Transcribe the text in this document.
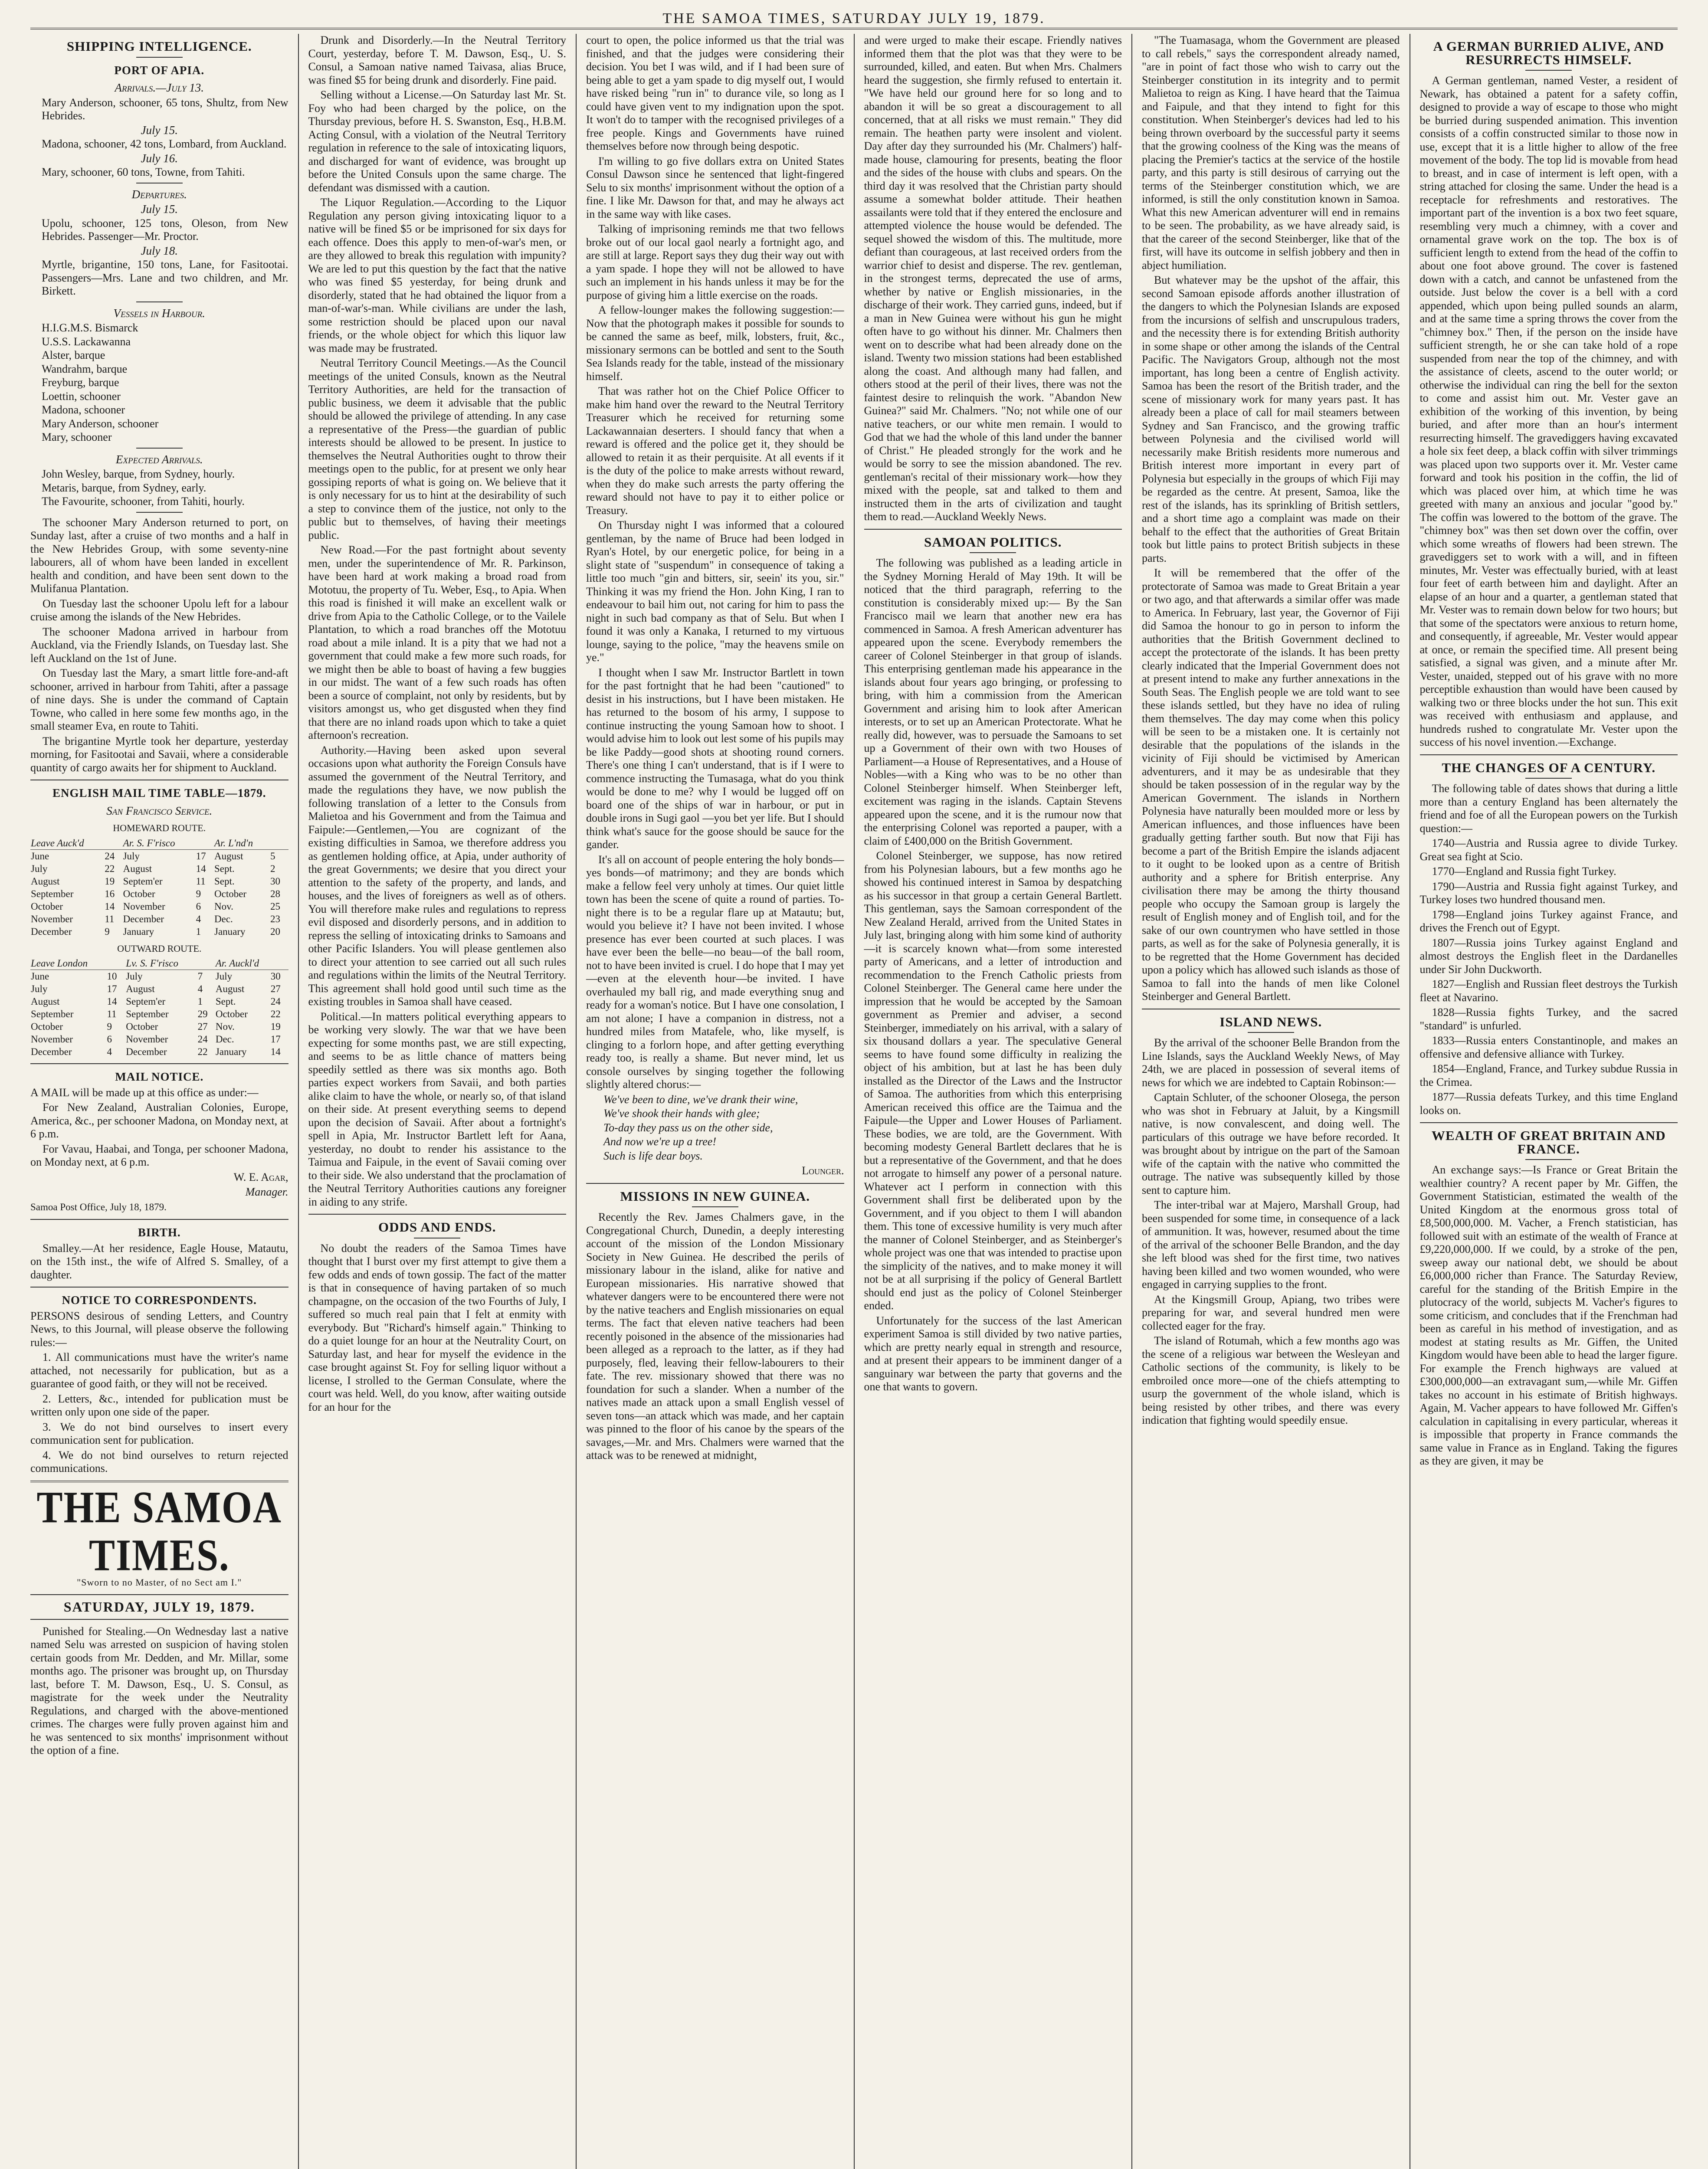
THE SAMOA TIMES, SATURDAY JULY 19, 1879.
SHIPPING INTELLIGENCE.
PORT OF APIA.
Arrivals.—July 13.

Mary Anderson, schooner, 65 tons, Shultz, from New Hebrides.

July 15.

Madona, schooner, 42 tons, Lombard, from Auckland.

July 16.

Mary, schooner, 60 tons, Towne, from Tahiti.

Departures.
July 15.

Upolu, schooner, 125 tons, Oleson, from New Hebrides. Passenger—Mr. Proctor.

July 18.

Myrtle, brigantine, 150 tons, Lane, for Fasitootai. Passengers—Mrs. Lane and two children, and Mr. Birkett.

Vessels in Harbour.

H.I.G.M.S. Bismarck

U.S.S. Lackawanna

Alster, barque

Wandrahm, barque

Freyburg, barque

Loettin, schooner

Madona, schooner

Mary Anderson, schooner

Mary, schooner

Expected Arrivals.

John Wesley, barque, from Sydney, hourly.

Metaris, barque, from Sydney, early.

The Favourite, schooner, from Tahiti, hourly.

The schooner Mary Anderson returned to port, on Sunday last, after a cruise of two months and a half in the New Hebrides Group, with some seventy-nine labourers, all of whom have been landed in excellent health and condition, and have been sent down to the Mulifanua Plantation.

On Tuesday last the schooner Upolu left for a labour cruise among the islands of the New Hebrides.

The schooner Madona arrived in harbour from Auckland, via the Friendly Islands, on Tuesday last. She left Auckland on the 1st of June.

On Tuesday last the Mary, a smart little fore-and-aft schooner, arrived in harbour from Tahiti, after a passage of nine days. She is under the command of Captain Towne, who called in here some few months ago, in the small steamer Eva, en route to Tahiti.

The brigantine Myrtle took her departure, yesterday morning, for Fasitootai and Savaii, where a considerable quantity of cargo awaits her for shipment to Auckland.

ENGLISH MAIL TIME TABLE—1879.
San Francisco Service.
HOMEWARD ROUTE.
Leave Auck'd		Ar. S. F'risco		Ar. L'nd'n	
June	24	July	17	August	5
July	22	August	14	Sept.	2
August	19	Septem'er	11	Sept.	30
September	16	October	9	October	28
October	14	November	6	Nov.	25
November	11	December	4	Dec.	23
December	9	January	1	January	20
OUTWARD ROUTE.
Leave London		Lv. S. F'risco		Ar. Auckl'd	
June	10	July	7	July	30
July	17	August	4	August	27
August	14	Septem'er	1	Sept.	24
September	11	September	29	October	22
October	9	October	27	Nov.	19
November	6	November	24	Dec.	17
December	4	December	22	January	14
MAIL NOTICE.

A MAIL will be made up at this office as under:—

For New Zealand, Australian Colonies, Europe, America, &c., per schooner Madona, on Monday next, at 6 p.m.

For Vavau, Haabai, and Tonga, per schooner Madona, on Monday next, at 6 p.m.

W. E. Agar,

Manager.

Samoa Post Office, July 18, 1879.

BIRTH.

Smalley.—At her residence, Eagle House, Matautu, on the 15th inst., the wife of Alfred S. Smalley, of a daughter.

NOTICE TO CORRESPONDENTS.

PERSONS desirous of sending Letters, and Country News, to this Journal, will please observe the following rules:—

1. All communications must have the writer's name attached, not necessarily for publication, but as a guarantee of good faith, or they will not be received.

2. Letters, &c., intended for publication must be written only upon one side of the paper.

3. We do not bind ourselves to insert every communication sent for publication.

4. We do not bind ourselves to return rejected communications.

THE SAMOA TIMES.
"Sworn to no Master, of no Sect am I."
SATURDAY, JULY 19, 1879.

Punished for Stealing.—On Wednesday last a native named Selu was arrested on suspicion of having stolen certain goods from Mr. Dedden, and Mr. Millar, some months ago. The prisoner was brought up, on Thursday last, before T. M. Dawson, Esq., U. S. Consul, as magistrate for the week under the Neutrality Regulations, and charged with the above-mentioned crimes. The charges were fully proven against him and he was sentenced to six months' imprisonment without the option of a fine.

Drunk and Disorderly.—In the Neutral Territory Court, yesterday, before T. M. Dawson, Esq., U. S. Consul, a Samoan native named Taivasa, alias Bruce, was fined $5 for being drunk and disorderly. Fine paid.

Selling without a License.—On Saturday last Mr. St. Foy who had been charged by the police, on the Thursday previous, before H. S. Swanston, Esq., H.B.M. Acting Consul, with a violation of the Neutral Territory regulation in reference to the sale of intoxicating liquors, and discharged for want of evidence, was brought up before the United Consuls upon the same charge. The defendant was dismissed with a caution.

The Liquor Regulation.—According to the Liquor Regulation any person giving intoxicating liquor to a native will be fined $5 or be imprisoned for six days for each offence. Does this apply to men-of-war's men, or are they allowed to break this regulation with impunity? We are led to put this question by the fact that the native who was fined $5 yesterday, for being drunk and disorderly, stated that he had obtained the liquor from a man-of-war's-man. While civilians are under the lash, some restriction should be placed upon our naval friends, or the whole object for which this liquor law was made may be frustrated.

Neutral Territory Council Meetings.—As the Council meetings of the united Consuls, known as the Neutral Territory Authorities, are held for the transaction of public business, we deem it advisable that the public should be allowed the privilege of attending. In any case a representative of the Press—the guardian of public interests should be allowed to be present. In justice to themselves the Neutral Authorities ought to throw their meetings open to the public, for at present we only hear gossiping reports of what is going on. We believe that it is only necessary for us to hint at the desirability of such a step to convince them of the justice, not only to the public but to themselves, of having their meetings public.

New Road.—For the past fortnight about seventy men, under the superintendence of Mr. R. Parkinson, have been hard at work making a broad road from Mototuu, the property of Tu. Weber, Esq., to Apia. When this road is finished it will make an excellent walk or drive from Apia to the Catholic College, or to the Vailele Plantation, to which a road branches off the Mototuu road about a mile inland. It is a pity that we had not a government that could make a few more such roads, for we might then be able to boast of having a few buggies in our midst. The want of a few such roads has often been a source of complaint, not only by residents, but by visitors amongst us, who get disgusted when they find that there are no inland roads upon which to take a quiet afternoon's recreation.

Authority.—Having been asked upon several occasions upon what authority the Foreign Consuls have assumed the government of the Neutral Territory, and made the regulations they have, we now publish the following translation of a letter to the Consuls from Malietoa and his Government and from the Taimua and Faipule:—Gentlemen,—You are cognizant of the existing difficulties in Samoa, we therefore address you as gentlemen holding office, at Apia, under authority of the great Governments; we desire that you direct your attention to the safety of the property, and lands, and houses, and the lives of foreigners as well as of others. You will therefore make rules and regulations to repress evil disposed and disorderly persons, and in addition to repress the selling of intoxicating drinks to Samoans and other Pacific Islanders. You will please gentlemen also to direct your attention to see carried out all such rules and regulations within the limits of the Neutral Territory. This agreement shall hold good until such time as the existing troubles in Samoa shall have ceased.

Political.—In matters political everything appears to be working very slowly. The war that we have been expecting for some months past, we are still expecting, and seems to be as little chance of matters being speedily settled as there was six months ago. Both parties expect workers from Savaii, and both parties alike claim to have the whole, or nearly so, of that island on their side. At present everything seems to depend upon the decision of Savaii. After about a fortnight's spell in Apia, Mr. Instructor Bartlett left for Aana, yesterday, no doubt to render his assistance to the Taimua and Faipule, in the event of Savaii coming over to their side. We also understand that the proclamation of the Neutral Territory Authorities cautions any foreigner in aiding to any strife.

ODDS AND ENDS.

No doubt the readers of the Samoa Times have thought that I burst over my first attempt to give them a few odds and ends of town gossip. The fact of the matter is that in consequence of having partaken of so much champagne, on the occasion of the two Fourths of July, I suffered so much real pain that I felt at enmity with everybody. But "Richard's himself again." Thinking to do a quiet lounge for an hour at the Neutrality Court, on Saturday last, and hear for myself the evidence in the case brought against St. Foy for selling liquor without a license, I strolled to the German Consulate, where the court was held. Well, do you know, after waiting outside for an hour for the

court to open, the police informed us that the trial was finished, and that the judges were considering their decision. You bet I was wild, and if I had been sure of being able to get a yam spade to dig myself out, I would have risked being "run in" to durance vile, so long as I could have given vent to my indignation upon the spot. It won't do to tamper with the recognised privileges of a free people. Kings and Governments have ruined themselves before now through being despotic.

I'm willing to go five dollars extra on United States Consul Dawson since he sentenced that light-fingered Selu to six months' imprisonment without the option of a fine. I like Mr. Dawson for that, and may he always act in the same way with like cases.

Talking of imprisoning reminds me that two fellows broke out of our local gaol nearly a fortnight ago, and are still at large. Report says they dug their way out with a yam spade. I hope they will not be allowed to have such an implement in his hands unless it may be for the purpose of giving him a little exercise on the roads.

A fellow-lounger makes the following suggestion:—Now that the photograph makes it possible for sounds to be canned the same as beef, milk, lobsters, fruit, &c., missionary sermons can be bottled and sent to the South Sea Islands ready for the table, instead of the missionary himself.

That was rather hot on the Chief Police Officer to make him hand over the reward to the Neutral Territory Treasurer which he received for returning some Lackawannaian deserters. I should fancy that when a reward is offered and the police get it, they should be allowed to retain it as their perquisite. At all events if it is the duty of the police to make arrests without reward, when they do make such arrests the party offering the reward should not have to pay it to either police or Treasury.

On Thursday night I was informed that a coloured gentleman, by the name of Bruce had been lodged in Ryan's Hotel, by our energetic police, for being in a slight state of "suspendum" in consequence of taking a little too much "gin and bitters, sir, seein' its you, sir." Thinking it was my friend the Hon. John King, I ran to endeavour to bail him out, not caring for him to pass the night in such bad company as that of Selu. But when I found it was only a Kanaka, I returned to my virtuous lounge, saying to the police, "may the heavens smile on ye."

I thought when I saw Mr. Instructor Bartlett in town for the past fortnight that he had been "cautioned" to desist in his instructions, but I have been mistaken. He has returned to the bosom of his army, I suppose to continue instructing the young Samoan how to shoot. I would advise him to look out lest some of his pupils may be like Paddy—good shots at shooting round corners. There's one thing I can't understand, that is if I were to commence instructing the Tumasaga, what do you think would be done to me? why I would be lugged off on board one of the ships of war in harbour, or put in double irons in Sugi gaol —you bet yer life. But I should think what's sauce for the goose should be sauce for the gander.

It's all on account of people entering the holy bonds—yes bonds—of matrimony; and they are bonds which make a fellow feel very unholy at times. Our quiet little town has been the scene of quite a round of parties. To-night there is to be a regular flare up at Matautu; but, would you believe it? I have not been invited. I whose presence has ever been courted at such places. I was have ever been the belle—no beau—of the ball room, not to have been invited is cruel. I do hope that I may yet—even at the eleventh hour—be invited. I have overhauled my ball rig, and made everything snug and ready for a woman's notice. But I have one consolation, I am not alone; I have a companion in distress, not a hundred miles from Matafele, who, like myself, is clinging to a forlorn hope, and after getting everything ready too, is really a shame. But never mind, let us console ourselves by singing together the following slightly altered chorus:—

We've been to dine, we've drank their wine,

We've shook their hands with glee;

To-day they pass us on the other side,

And now we're up a tree!

Such is life dear boys.

Lounger.

MISSIONS IN NEW GUINEA.

Recently the Rev. James Chalmers gave, in the Congregational Church, Dunedin, a deeply interesting account of the mission of the London Missionary Society in New Guinea. He described the perils of missionary labour in the island, alike for native and European missionaries. His narrative showed that whatever dangers were to be encountered there were not by the native teachers and English missionaries on equal terms. The fact that eleven native teachers had been recently poisoned in the absence of the missionaries had been alleged as a reproach to the latter, as if they had purposely, fled, leaving their fellow-labourers to their fate. The rev. missionary showed that there was no foundation for such a slander. When a number of the natives made an attack upon a small English vessel of seven tons—an attack which was made, and her captain was pinned to the floor of his canoe by the spears of the savages,—Mr. and Mrs. Chalmers were warned that the attack was to be renewed at midnight,

and were urged to make their escape. Friendly natives informed them that the plot was that they were to be surrounded, killed, and eaten. But when Mrs. Chalmers heard the suggestion, she firmly refused to entertain it. "We have held our ground here for so long and to abandon it will be so great a discouragement to all concerned, that at all risks we must remain." They did remain. The heathen party were insolent and violent. Day after day they surrounded his (Mr. Chalmers') half-made house, clamouring for presents, beating the floor and the sides of the house with clubs and spears. On the third day it was resolved that the Christian party should assume a somewhat bolder attitude. Their heathen assailants were told that if they entered the enclosure and attempted violence the house would be defended. The sequel showed the wisdom of this. The multitude, more defiant than courageous, at last received orders from the warrior chief to desist and disperse. The rev. gentleman, in the strongest terms, deprecated the use of arms, whether by native or English missionaries, in the discharge of their work. They carried guns, indeed, but if a man in New Guinea were without his gun he might often have to go without his dinner. Mr. Chalmers then went on to describe what had been already done on the island. Twenty two mission stations had been established along the coast. And although many had fallen, and others stood at the peril of their lives, there was not the faintest desire to relinquish the work. "Abandon New Guinea?" said Mr. Chalmers. "No; not while one of our native teachers, or our white men remain. I would to God that we had the whole of this land under the banner of Christ." He pleaded strongly for the work and he would be sorry to see the mission abandoned. The rev. gentleman's recital of their missionary work—how they mixed with the people, sat and talked to them and instructed them in the arts of civilization and taught them to read.—Auckland Weekly News.

SAMOAN POLITICS.

The following was published as a leading article in the Sydney Morning Herald of May 19th. It will be noticed that the third paragraph, referring to the constitution is considerably mixed up:— By the San Francisco mail we learn that another new era has commenced in Samoa. A fresh American adventurer has appeared upon the scene. Everybody remembers the career of Colonel Steinberger in that group of islands. This enterprising gentleman made his appearance in the islands about four years ago bringing, or professing to bring, with him a commission from the American Government and arising him to look after American interests, or to set up an American Protectorate. What he really did, however, was to persuade the Samoans to set up a Government of their own with two Houses of Parliament—a House of Representatives, and a House of Nobles—with a King who was to be no other than Colonel Steinberger himself. When Steinberger left, excitement was raging in the islands. Captain Stevens appeared upon the scene, and it is the rumour now that the enterprising Colonel was reported a pauper, with a claim of £400,000 on the British Government.

Colonel Steinberger, we suppose, has now retired from his Polynesian labours, but a few months ago he showed his continued interest in Samoa by despatching as his successor in that group a certain General Bartlett. This gentleman, says the Samoan correspondent of the New Zealand Herald, arrived from the United States in July last, bringing along with him some kind of authority —it is scarcely known what—from some interested party of Americans, and a letter of introduction and recommendation to the French Catholic priests from Colonel Steinberger. The General came here under the impression that he would be accepted by the Samoan government as Premier and adviser, a second Steinberger, immediately on his arrival, with a salary of six thousand dollars a year. The speculative General seems to have found some difficulty in realizing the object of his ambition, but at last he has been duly installed as the Director of the Laws and the Instructor of Samoa. The authorities from which this enterprising American received this office are the Taimua and the Faipule—the Upper and Lower Houses of Parliament. These bodies, we are told, are the Government. With becoming modesty General Bartlett declares that he is but a representative of the Government, and that he does not arrogate to himself any power of a personal nature. Whatever act I perform in connection with this Government shall first be deliberated upon by the Government, and if you object to them I will abandon them. This tone of excessive humility is very much after the manner of Colonel Steinberger, and as Steinberger's whole project was one that was intended to practise upon the simplicity of the natives, and to make money it will not be at all surprising if the policy of General Bartlett should end just as the policy of Colonel Steinberger ended.

Unfortunately for the success of the last American experiment Samoa is still divided by two native parties, which are pretty nearly equal in strength and resource, and at present their appears to be imminent danger of a sanguinary war between the party that governs and the one that wants to govern.

"The Tuamasaga, whom the Government are pleased to call rebels," says the correspondent already named, "are in point of fact those who wish to carry out the Steinberger constitution in its integrity and to permit Malietoa to reign as King. I have heard that the Taimua and Faipule, and that they intend to fight for this constitution. When Steinberger's devices had led to his being thrown overboard by the successful party it seems that the growing coolness of the King was the means of placing the Premier's tactics at the service of the hostile party, and this party is still desirous of carrying out the terms of the Steinberger constitution which, we are informed, is still the only constitution known in Samoa. What this new American adventurer will end in remains to be seen. The probability, as we have already said, is that the career of the second Steinberger, like that of the first, will have its outcome in selfish jobbery and then in abject humiliation.

But whatever may be the upshot of the affair, this second Samoan episode affords another illustration of the dangers to which the Polynesian Islands are exposed from the incursions of selfish and unscrupulous traders, and the necessity there is for extending British authority in some shape or other among the islands of the Central Pacific. The Navigators Group, although not the most important, has long been a centre of English activity. Samoa has been the resort of the British trader, and the scene of missionary work for many years past. It has already been a place of call for mail steamers between Sydney and San Francisco, and the growing traffic between Polynesia and the civilised world will necessarily make British residents more numerous and British interest more important in every part of Polynesia but especially in the groups of which Fiji may be regarded as the centre. At present, Samoa, like the rest of the islands, has its sprinkling of British settlers, and a short time ago a complaint was made on their behalf to the effect that the authorities of Great Britain took but little pains to protect British subjects in these parts.

It will be remembered that the offer of the protectorate of Samoa was made to Great Britain a year or two ago, and that afterwards a similar offer was made to America. In February, last year, the Governor of Fiji did Samoa the honour to go in person to inform the authorities that the British Government declined to accept the protectorate of the islands. It has been pretty clearly indicated that the Imperial Government does not at present intend to make any further annexations in the South Seas. The English people we are told want to see these islands settled, but they have no idea of ruling them themselves. The day may come when this policy will be seen to be a mistaken one. It is certainly not desirable that the populations of the islands in the vicinity of Fiji should be victimised by American adventurers, and it may be as undesirable that they should be taken possession of in the regular way by the American Government. The islands in Northern Polynesia have naturally been moulded more or less by American influences, and those influences have been gradually getting farther south. But now that Fiji has become a part of the British Empire the islands adjacent to it ought to be looked upon as a centre of British authority and a sphere for British enterprise. Any civilisation there may be among the thirty thousand people who occupy the Samoan group is largely the result of English money and of English toil, and for the sake of our own countrymen who have settled in those parts, as well as for the sake of Polynesia generally, it is to be regretted that the Home Government has decided upon a policy which has allowed such islands as those of Samoa to fall into the hands of men like Colonel Steinberger and General Bartlett.

ISLAND NEWS.

By the arrival of the schooner Belle Brandon from the Line Islands, says the Auckland Weekly News, of May 24th, we are placed in possession of several items of news for which we are indebted to Captain Robinson:—

Captain Schluter, of the schooner Olosega, the person who was shot in February at Jaluit, by a Kingsmill native, is now convalescent, and doing well. The particulars of this outrage we have before recorded. It was brought about by intrigue on the part of the Samoan wife of the captain with the native who committed the outrage. The native was subsequently killed by those sent to capture him.

The inter-tribal war at Majero, Marshall Group, had been suspended for some time, in consequence of a lack of ammunition. It was, however, resumed about the time of the arrival of the schooner Belle Brandon, and the day she left blood was shed for the first time, two natives having been killed and two women wounded, who were engaged in carrying supplies to the front.

At the Kingsmill Group, Apiang, two tribes were preparing for war, and several hundred men were collected eager for the fray.

The island of Rotumah, which a few months ago was the scene of a religious war between the Wesleyan and Catholic sections of the community, is likely to be embroiled once more—one of the chiefs attempting to usurp the government of the whole island, which is being resisted by other tribes, and there was every indication that fighting would speedily ensue.

A GERMAN BURRIED ALIVE, AND RESURRECTS HIMSELF.

A German gentleman, named Vester, a resident of Newark, has obtained a patent for a safety coffin, designed to provide a way of escape to those who might be burried during suspended animation. This invention consists of a coffin constructed similar to those now in use, except that it is a little higher to allow of the free movement of the body. The top lid is movable from head to breast, and in case of interment is left open, with a string attached for closing the same. Under the head is a receptacle for refreshments and restoratives. The important part of the invention is a box two feet square, resembling very much a chimney, with a cover and ornamental grave work on the top. The box is of sufficient length to extend from the head of the coffin to about one foot above ground. The cover is fastened down with a catch, and cannot be unfastened from the outside. Just below the cover is a bell with a cord appended, which upon being pulled sounds an alarm, and at the same time a spring throws the cover from the "chimney box." Then, if the person on the inside have sufficient strength, he or she can take hold of a rope suspended from near the top of the chimney, and with the assistance of cleets, ascend to the outer world; or otherwise the individual can ring the bell for the sexton to come and assist him out. Mr. Vester gave an exhibition of the working of this invention, by being buried, and after more than an hour's interment resurrecting himself. The gravediggers having excavated a hole six feet deep, a black coffin with silver trimmings was placed upon two supports over it. Mr. Vester came forward and took his position in the coffin, the lid of which was placed over him, at which time he was greeted with many an anxious and jocular "good by." The coffin was lowered to the bottom of the grave. The "chimney box" was then set down over the coffin, over which some wreaths of flowers had been strewn. The gravediggers set to work with a will, and in fifteen minutes, Mr. Vester was effectually buried, with at least four feet of earth between him and daylight. After an elapse of an hour and a quarter, a gentleman stated that Mr. Vester was to remain down below for two hours; but that some of the spectators were anxious to return home, and consequently, if agreeable, Mr. Vester would appear at once, or remain the specified time. All present being satisfied, a signal was given, and a minute after Mr. Vester, unaided, stepped out of his grave with no more perceptible exhaustion than would have been caused by walking two or three blocks under the hot sun. This exit was received with enthusiasm and applause, and hundreds rushed to congratulate Mr. Vester upon the success of his novel invention.—Exchange.

THE CHANGES OF A CENTURY.

The following table of dates shows that during a little more than a century England has been alternately the friend and foe of all the European powers on the Turkish question:—

1740—Austria and Russia agree to divide Turkey. Great sea fight at Scio.

1770—England and Russia fight Turkey.

1790—Austria and Russia fight against Turkey, and Turkey loses two hundred thousand men.

1798—England joins Turkey against France, and drives the French out of Egypt.

1807—Russia joins Turkey against England and almost destroys the English fleet in the Dardanelles under Sir John Duckworth.

1827—English and Russian fleet destroys the Turkish fleet at Navarino.

1828—Russia fights Turkey, and the sacred "standard" is unfurled.

1833—Russia enters Constantinople, and makes an offensive and defensive alliance with Turkey.

1854—England, France, and Turkey subdue Russia in the Crimea.

1877—Russia defeats Turkey, and this time England looks on.

WEALTH OF GREAT BRITAIN AND FRANCE.

An exchange says:—Is France or Great Britain the wealthier country? A recent paper by Mr. Giffen, the Government Statistician, estimated the wealth of the United Kingdom at the enormous gross total of £8,500,000,000. M. Vacher, a French statistician, has followed suit with an estimate of the wealth of France at £9,220,000,000. If we could, by a stroke of the pen, sweep away our national debt, we should be about £6,000,000 richer than France. The Saturday Review, careful for the standing of the British Empire in the plutocracy of the world, subjects M. Vacher's figures to some criticism, and concludes that if the Frenchman had been as careful in his method of investigation, and as modest at stating results as Mr. Giffen, the United Kingdom would have been able to head the larger figure. For example the French highways are valued at £300,000,000—an extravagant sum,—while Mr. Giffen takes no account in his estimate of British highways. Again, M. Vacher appears to have followed Mr. Giffen's calculation in capitalising in every particular, whereas it is impossible that property in France commands the same value in France as in England. Taking the figures as they are given, it may be
